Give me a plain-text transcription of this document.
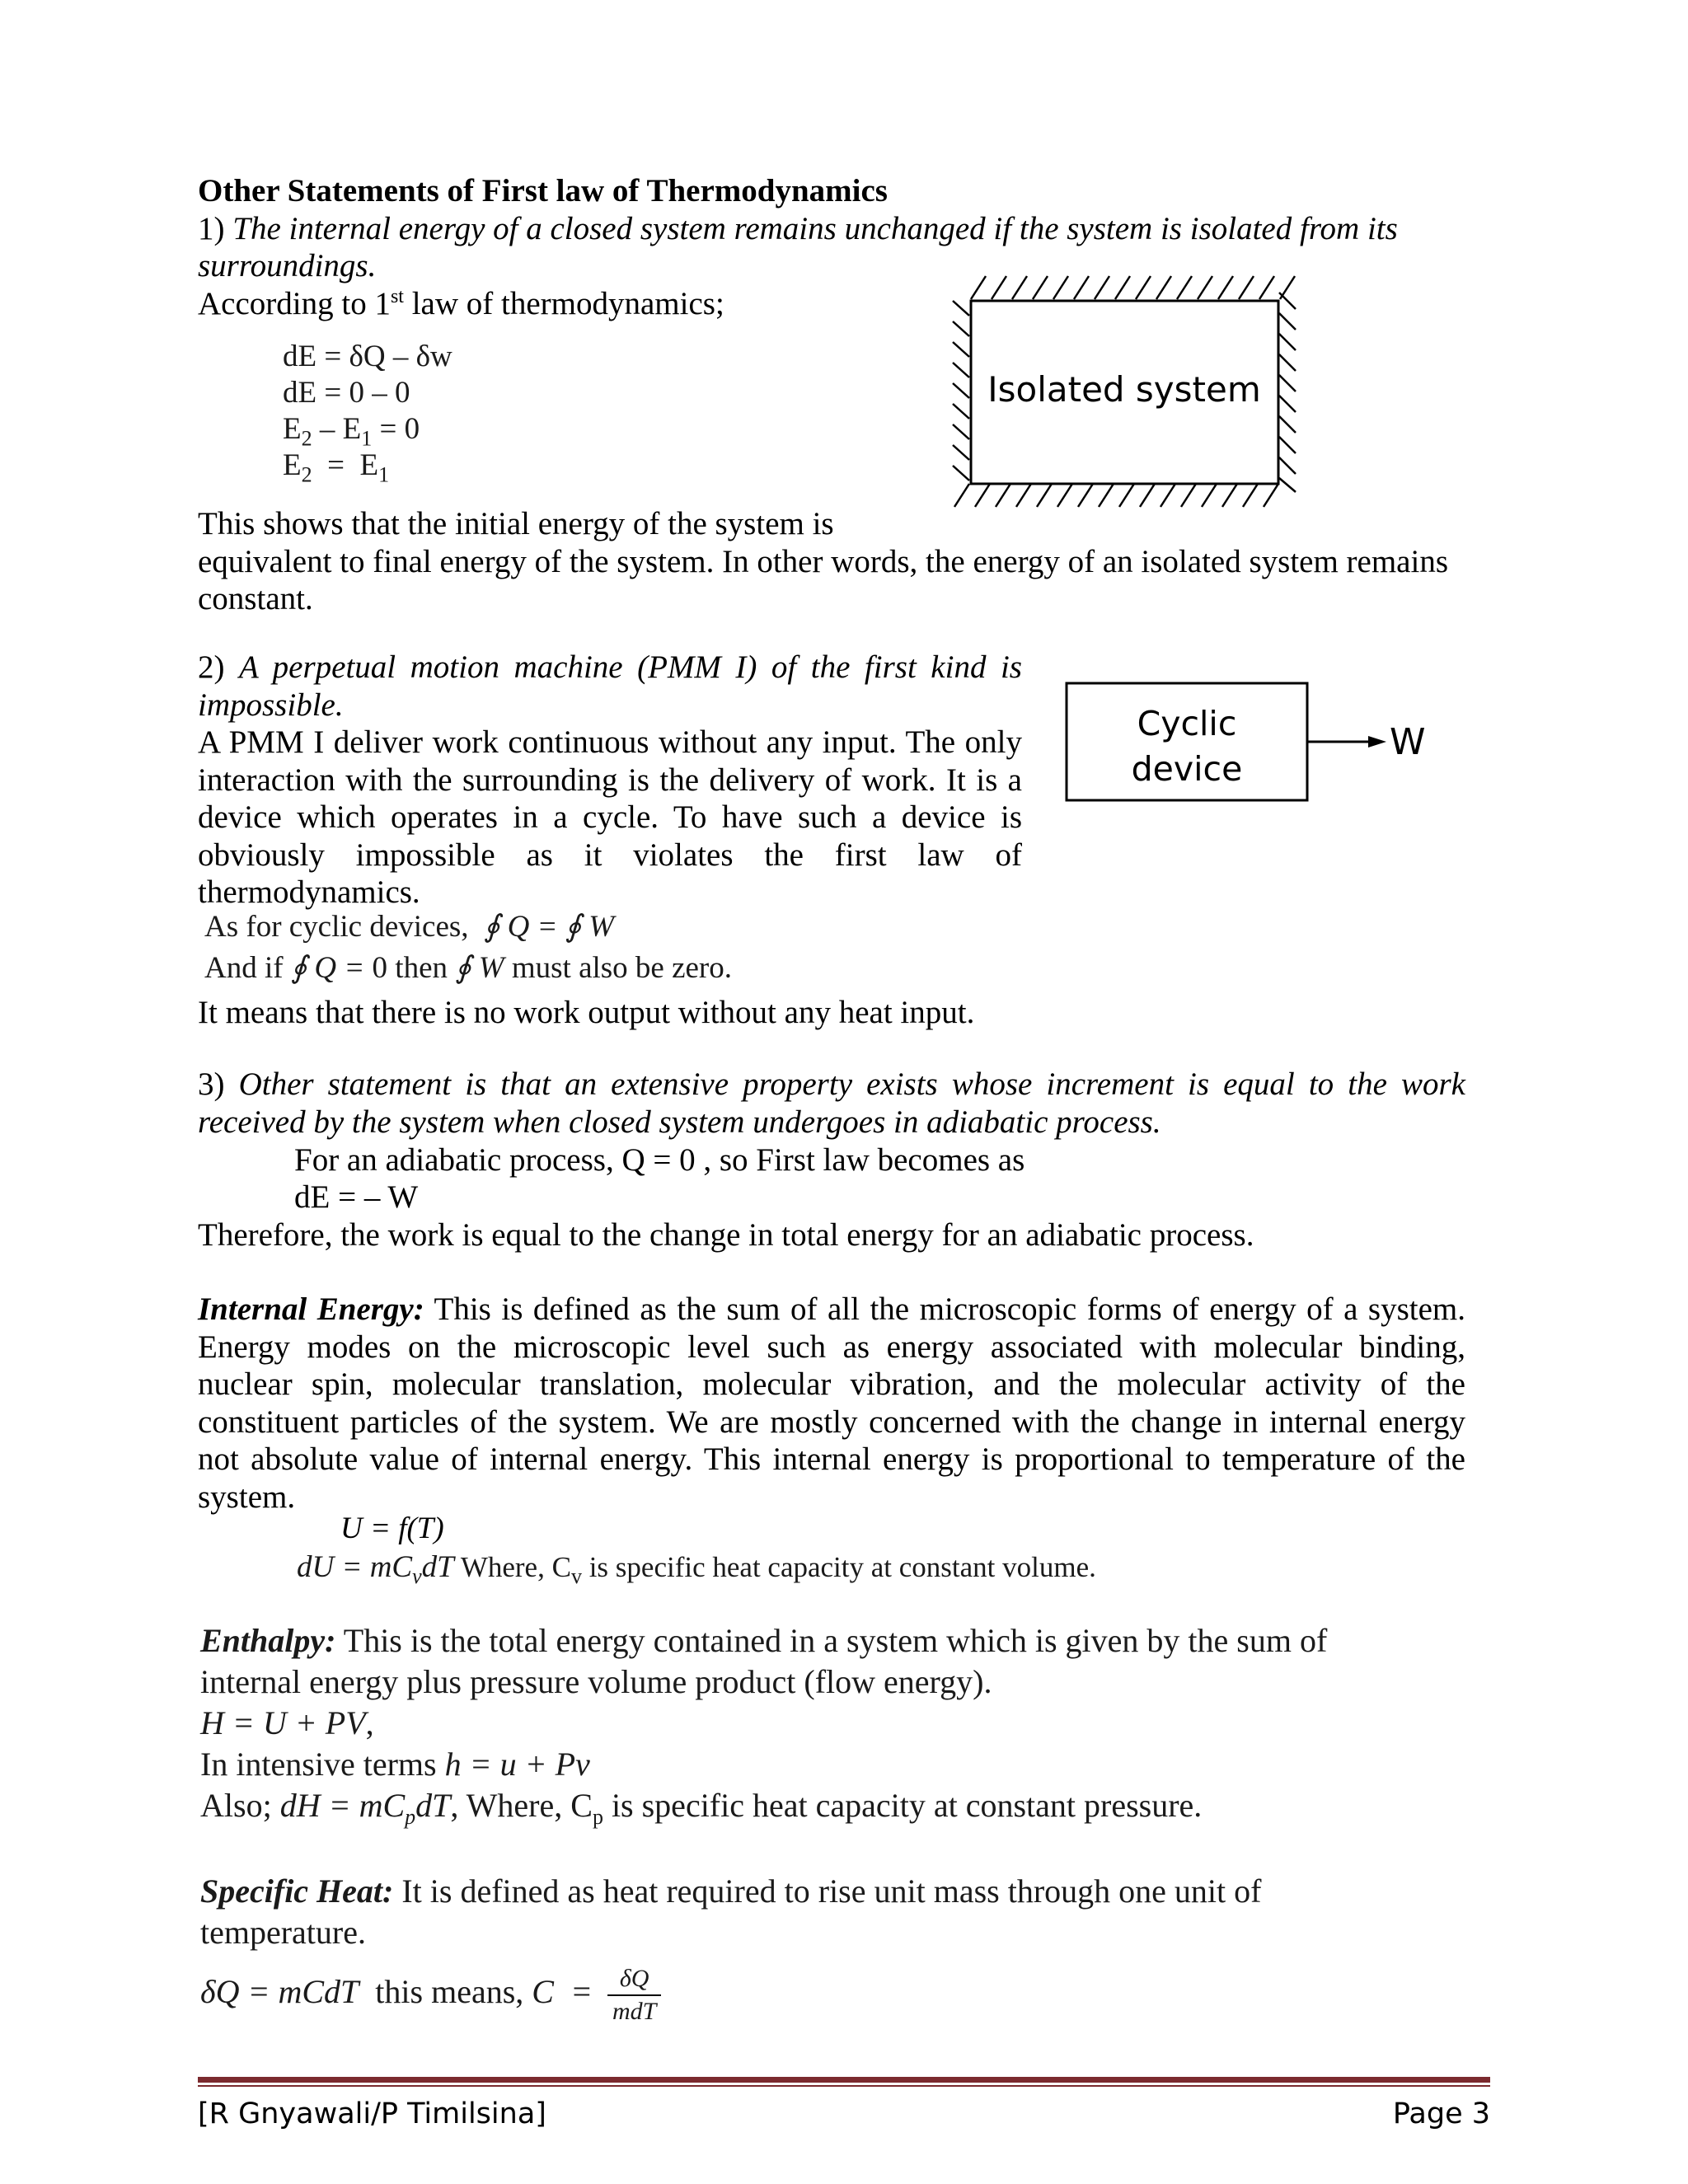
Other Statements of First law of Thermodynamics
1) The internal energy of a closed system remains unchanged if the system is isolated from its
surroundings.
According to 1st law of thermodynamics;
dE = δQ – δw
dE = 0 – 0
$E_2 - E_1 = 0$
$E_2 = E_1$
Isolated system
This shows that the initial energy of the system is
equivalent to final energy of the system. In other words, the energy of an isolated system remains
constant.
2) A perpetual motion machine (PMM I) of the first kind is
impossible.
A PMM I deliver work continuous without any input. The only
interaction with the surrounding is the delivery of work. It is a
device which operates in a cycle. To have such a device is
obviously impossible as it violates the first law of
thermodynamics.
As for cyclic devices,  ∮ Q = ∮ W
And if ∮ Q = 0 then ∮ W must also be zero.
It means that there is no work output without any heat input.
Cyclic
device
W
3) Other statement is that an extensive property exists whose increment is equal to the work
received by the system when closed system undergoes in adiabatic process.
For an adiabatic process, Q = 0 , so First law becomes as
dE = – W
Therefore, the work is equal to the change in total energy for an adiabatic process.
Internal Energy: This is defined as the sum of all the microscopic forms of energy of a system.
Energy modes on the microscopic level such as energy associated with molecular binding,
nuclear spin, molecular translation, molecular vibration, and the molecular activity of the
constituent particles of the system. We are mostly concerned with the change in internal energy
not absolute value of internal energy. This internal energy is proportional to temperature of the
system.
U = f(T)
dU = $mC_vdT$ Where, $C_v$ is specific heat capacity at constant volume.
Enthalpy: This is the total energy contained in a system which is given by the sum of
internal energy plus pressure volume product (flow energy).
H = U + PV,
In intensive terms h = u + Pv
Also; dH = $mC_pdT$, Where, $C_p$ is specific heat capacity at constant pressure.
Specific Heat: It is defined as heat required to rise unit mass through one unit of
temperature.
δQ = mCdT  this means, $C = \frac{\delta Q}{\text{mdT}}$
[R Gnyawali/P Timilsina]	Page 3
